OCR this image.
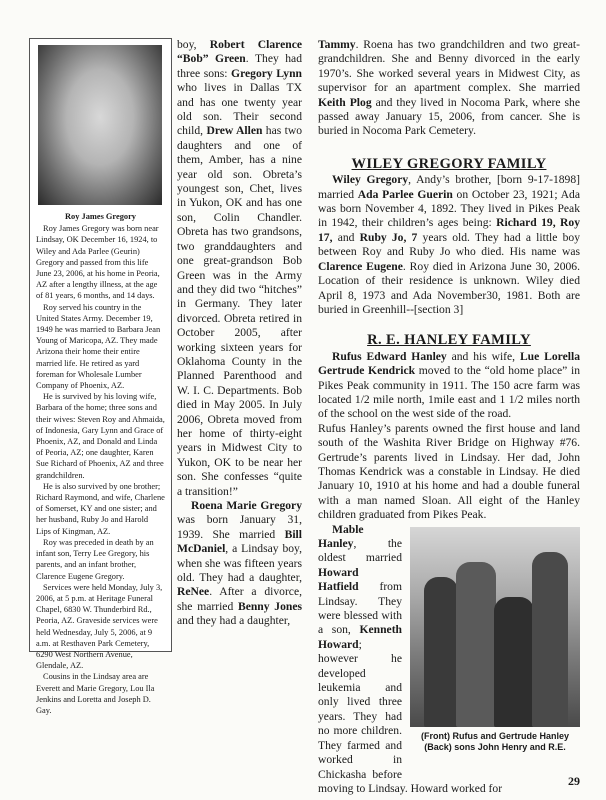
Roy James Gregory

Roy James Gregory was born near Lindsay, OK December 16, 1924, to Wiley and Ada Parlee (Geurin) Gregory and passed from this life June 23, 2006, at his home in Peoria, AZ after a lengthy illness, at the age of 81 years, 6 months, and 14 days.

Roy served his country in the United States Army. December 19, 1949 he was married to Barbara Jean Young of Maricopa, AZ. They made Arizona their home their entire married life. He retired as yard foreman for Wholesale Lumber Company of Phoenix, AZ.

He is survived by his loving wife, Barbara of the home; three sons and their wives: Steven Roy and Ahmaida, of Indonesia, Gary Lynn and Grace of Phoenix, AZ, and Donald and Linda of Peoria, AZ; one daughter, Karen Sue Richard of Phoenix, AZ and three grandchildren.

He is also survived by one brother; Richard Raymond, and wife, Charlene of Somerset, KY and one sister; and her husband, Ruby Jo and Harold Lips of Kingman, AZ.

Roy was preceded in death by an infant son, Terry Lee Gregory, his parents, and an infant brother, Clarence Eugene Gregory.

Services were held Monday, July 3, 2006, at 5 p.m. at Heritage Funeral Chapel, 6830 W. Thunderbird Rd., Peoria, AZ. Graveside services were held Wednesday, July 5, 2006, at 9 a.m. at Resthaven Park Cemetery, 6290 West Northern Avenue, Glendale, AZ.

Cousins in the Lindsay area are Everett and Marie Gregory, Lou Ila Jenkins and Loretta and Joseph D. Gay.

boy, Robert Clarence “Bob” Green. They had three sons: Gregory Lynn who lives in Dallas TX and has one twenty year old son. Their second child, Drew Allen has two daughters and one of them, Amber, has a nine year old son. Obreta’s youngest son, Chet, lives in Yukon, OK and has one son, Colin Chandler. Obreta has two grandsons, two granddaughters and one great-grandson Bob Green was in the Army and they did two “hitches” in Germany. They later divorced. Obreta retired in October 2005, after working sixteen years for Oklahoma County in the Planned Parenthood and W. I. C. Departments. Bob died in May 2005. In July 2006, Obreta moved from her home of thirty-eight years in Midwest City to Yukon, OK to be near her son. She confesses “quite a transition!”

Roena Marie Gregory was born January 31, 1939. She married Bill McDaniel, a Lindsay boy, when she was fifteen years old. They had a daughter, ReNee. After a divorce, she married Benny Jones and they had a daughter,

Tammy. Roena has two grandchildren and two great-grandchildren. She and Benny divorced in the early 1970’s. She worked several years in Midwest City, as supervisor for an apartment complex. She married Keith Plog and they lived in Nocoma Park, where she passed away January 15, 2006, from cancer. She is buried in Nocoma Park Cemetery.

WILEY GREGORY FAMILY

Wiley Gregory, Andy’s brother, [born 9-17-1898] married Ada Parlee Guerin on October 23, 1921; Ada was born November 4, 1892. They lived in Pikes Peak in 1942, their children’s ages being: Richard 19, Roy 17, and Ruby Jo, 7 years old. They had a little boy between Roy and Ruby Jo who died. His name was Clarence Eugene. Roy died in Arizona June 30, 2006. Location of their residence is unknown. Wiley died April 8, 1973 and Ada November30, 1981. Both are buried in Greenhill--[section 3]

R. E. HANLEY FAMILY

Rufus Edward Hanley and his wife, Lue Lorella Gertrude Kendrick moved to the “old home place” in Pikes Peak community in 1911. The 150 acre farm was located 1/2 mile north, 1mile east and 1 1/2 miles north of the school on the west side of the road.

Rufus Hanley’s parents owned the first house and land south of the Washita River Bridge on Highway #76. Gertrude’s parents lived in Lindsay. Her dad, John Thomas Kendrick was a constable in Lindsay. He died January 10, 1910 at his home and had a double funeral with a man named Sloan. All eight of the Hanley children graduated from Pikes Peak.

(Front) Rufus and Gertrude Hanley
(Back) sons John Henry and R.E.

Mable Hanley, the oldest married Howard Hatfield from Lindsay. They were blessed with a son, Kenneth Howard; however he developed leukemia and only lived three years. They had no more children. They farmed and worked in Chickasha before moving to Lindsay. Howard worked for

29
